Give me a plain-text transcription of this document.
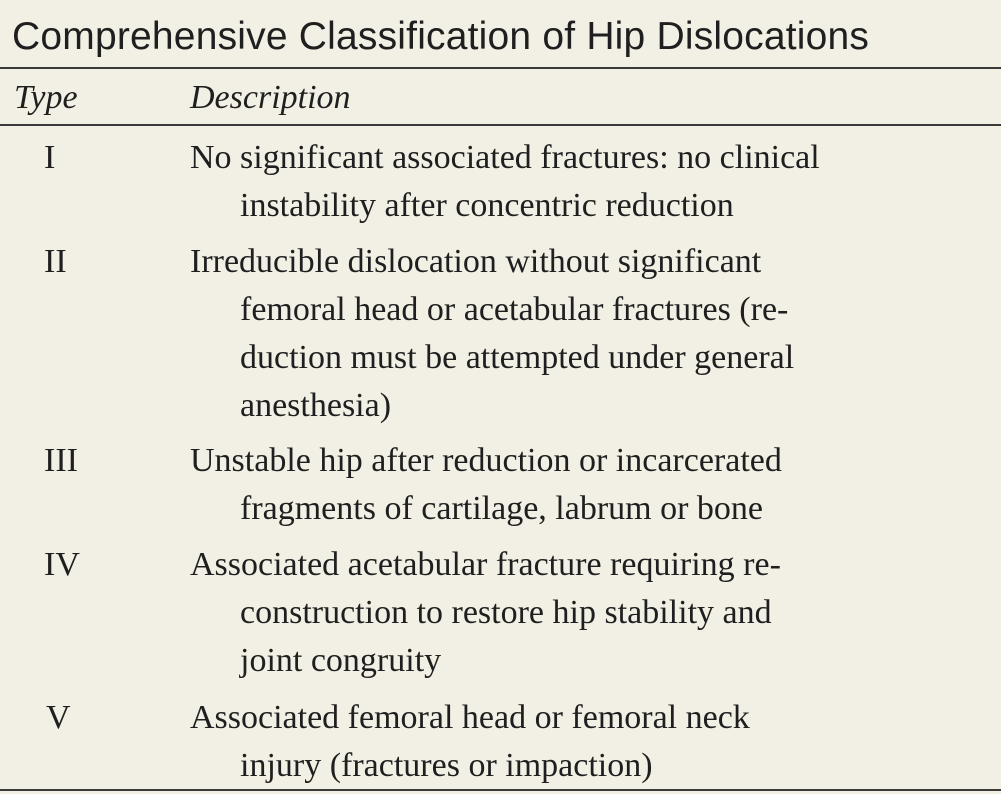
Comprehensive Classification of Hip Dislocations
Type	Description
I	No significant associated fractures: no clinical
instability after concentric reduction
II	Irreducible dislocation without significant
femoral head or acetabular fractures (re-
duction must be attempted under general
anesthesia)
III	Unstable hip after reduction or incarcerated
fragments of cartilage, labrum or bone
IV	Associated acetabular fracture requiring re-
construction to restore hip stability and
joint congruity
V	Associated femoral head or femoral neck
injury (fractures or impaction)
